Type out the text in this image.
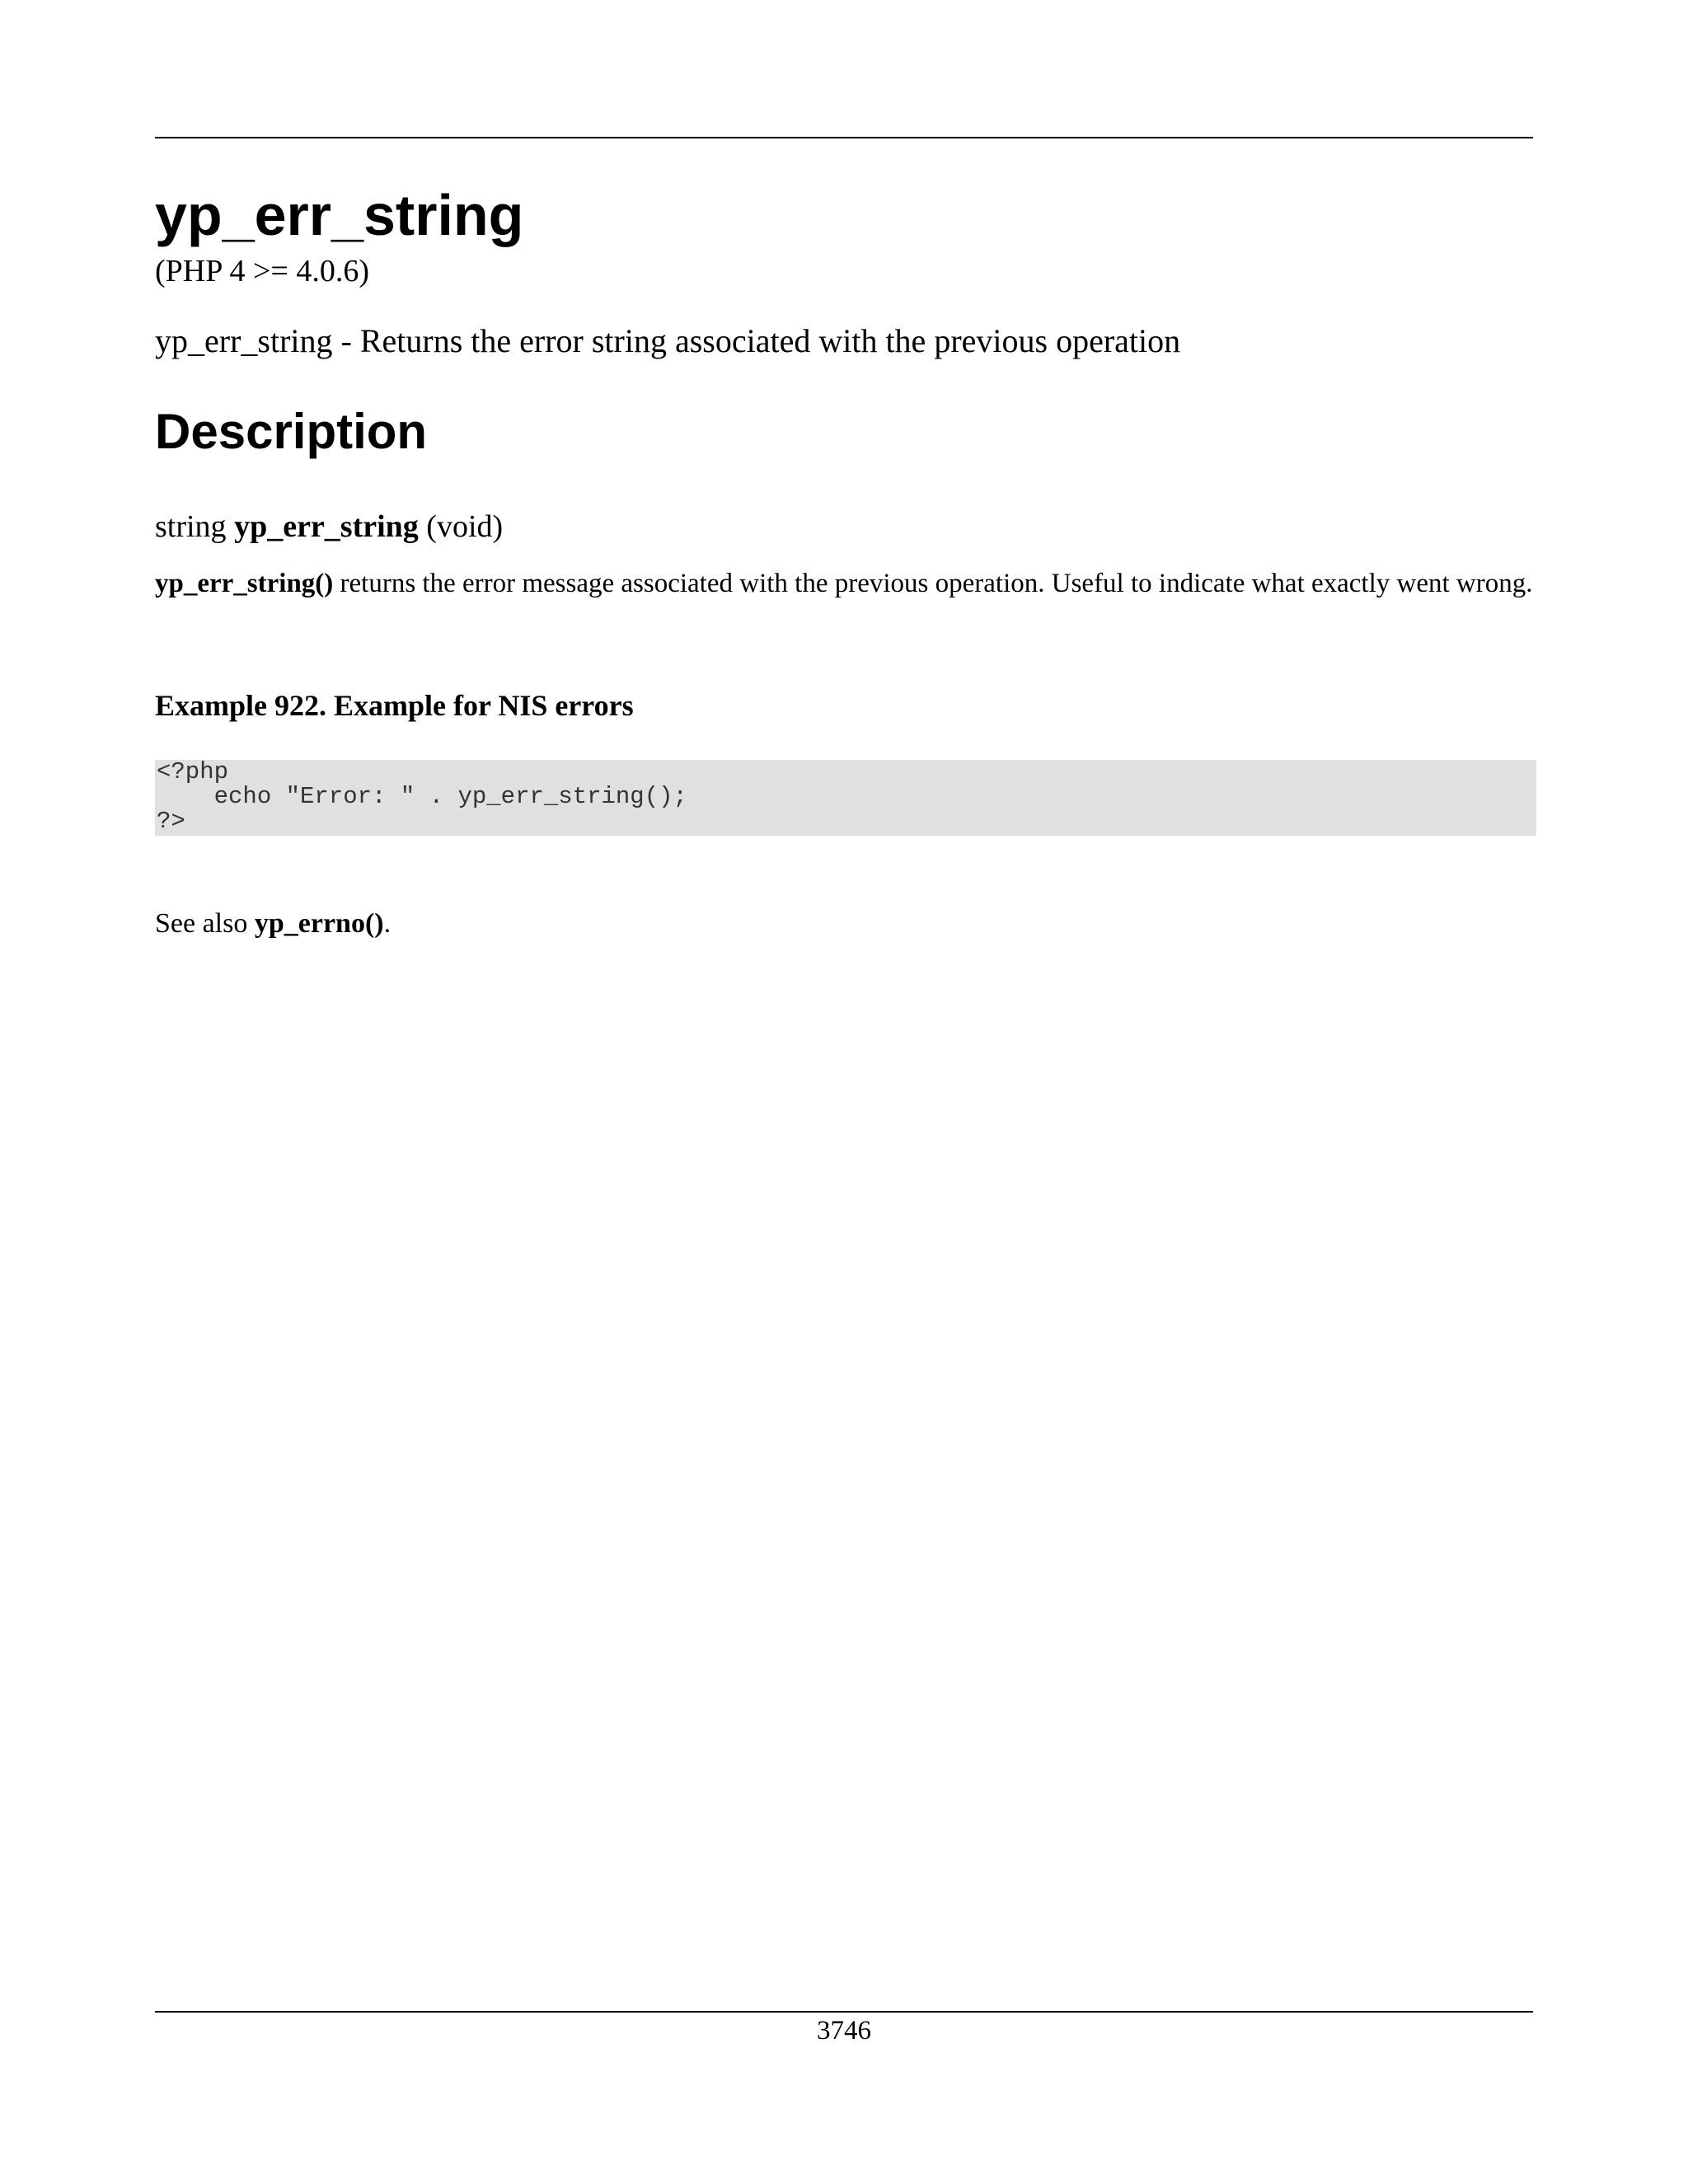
yp_err_string
(PHP 4 >= 4.0.6)
yp_err_string - Returns the error string associated with the previous operation
Description
string yp_err_string (void)
yp_err_string() returns the error message associated with the previous operation. Useful to indicate what exactly went wrong.
Example 922. Example for NIS errors
<?php
echo "Error: " . yp_err_string();
?>
See also yp_errno().
3746
